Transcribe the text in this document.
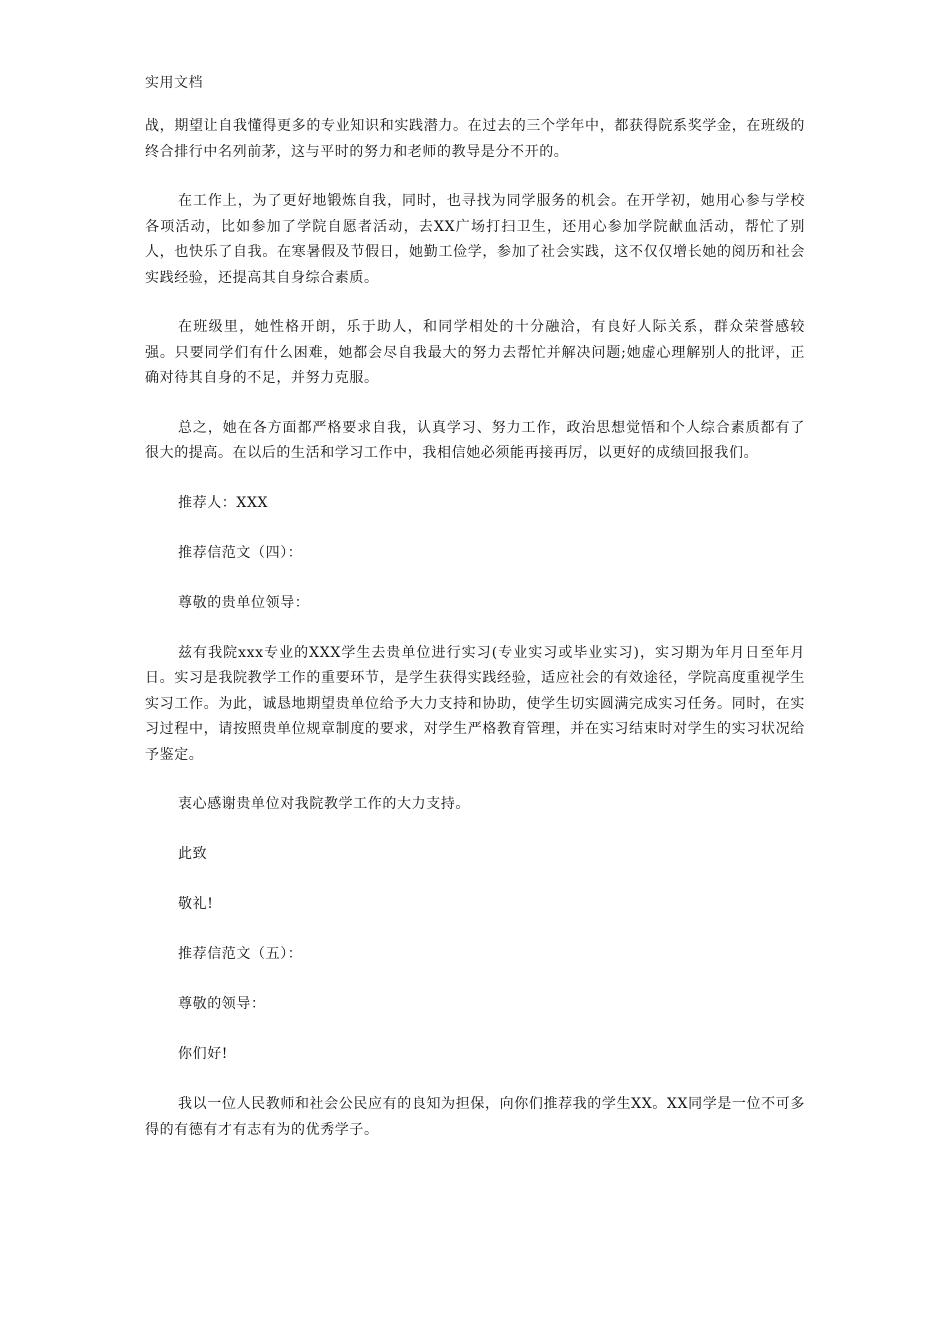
实用文档

战，期望让自我懂得更多的专业知识和实践潜力。在过去的三个学年中，都获得院系奖学金，在班级的终合排行中名列前茅，这与平时的努力和老师的教导是分不开的。

在工作上，为了更好地锻炼自我，同时，也寻找为同学服务的机会。在开学初，她用心参与学校各项活动，比如参加了学院自愿者活动，去XX广场打扫卫生，还用心参加学院献血活动，帮忙了别人，也快乐了自我。在寒暑假及节假日，她勤工俭学，参加了社会实践，这不仅仅增长她的阅历和社会实践经验，还提高其自身综合素质。

在班级里，她性格开朗，乐于助人，和同学相处的十分融洽，有良好人际关系，群众荣誉感较强。只要同学们有什么困难，她都会尽自我最大的努力去帮忙并解决问题;她虚心理解别人的批评，正确对待其自身的不足，并努力克服。

总之，她在各方面都严格要求自我，认真学习、努力工作，政治思想觉悟和个人综合素质都有了很大的提高。在以后的生活和学习工作中，我相信她必须能再接再厉，以更好的成绩回报我们。

推荐人：XXX
推荐信范文（四）：
尊敬的贵单位领导：

兹有我院xxx专业的XXX学生去贵单位进行实习(专业实习或毕业实习)，实习期为年月日至年月日。实习是我院教学工作的重要环节，是学生获得实践经验，适应社会的有效途径，学院高度重视学生实习工作。为此，诚恳地期望贵单位给予大力支持和协助，使学生切实圆满完成实习任务。同时，在实习过程中，请按照贵单位规章制度的要求，对学生严格教育管理，并在实习结束时对学生的实习状况给予鉴定。

衷心感谢贵单位对我院教学工作的大力支持。
此致
敬礼!
推荐信范文（五）：
尊敬的领导：
你们好!

我以一位人民教师和社会公民应有的良知为担保，向你们推荐我的学生XX。XX同学是一位不可多得的有德有才有志有为的优秀学子。
